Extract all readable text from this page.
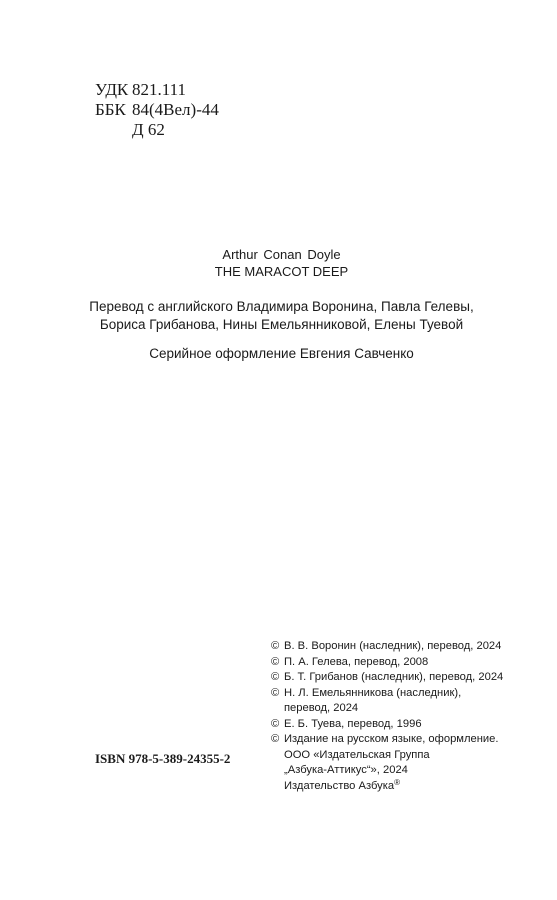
УДК 821.111
ББК 84(4Вел)-44
Д 62
Arthur Conan Doyle
THE MARACOT DEEP
Перевод с английского Владимира Воронина, Павла Гелевы,
Бориса Грибанова, Нины Емельянниковой, Елены Туевой
Серийное оформление Евгения Савченко
© В. В. Воронин (наследник), перевод, 2024
© П. А. Гелева, перевод, 2008
© Б. Т. Грибанов (наследник), перевод, 2024
© Н. Л. Емельянникова (наследник),
перевод, 2024
© Е. Б. Туева, перевод, 1996
© Издание на русском языке, оформление.
ООО «Издательская Группа
„Азбука-Аттикус“», 2024
Издательство Азбука®
ISBN 978-5-389-24355-2
